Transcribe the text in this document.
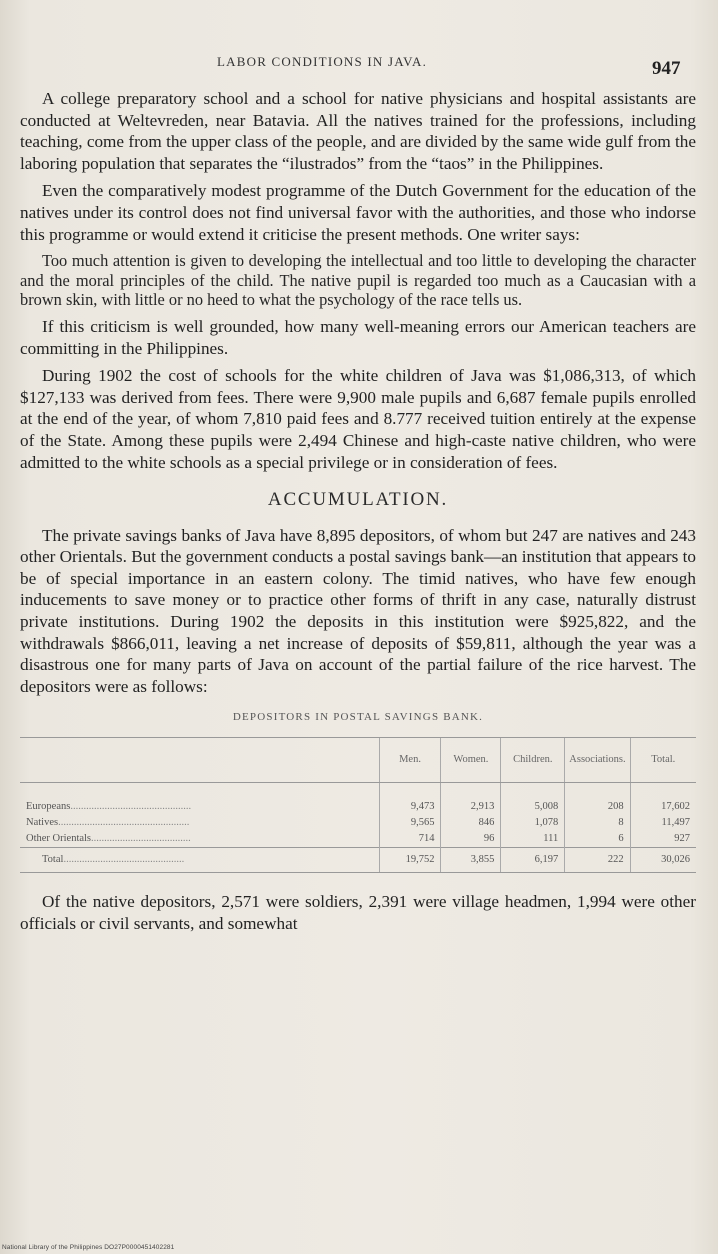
LABOR CONDITIONS IN JAVA.	947

A college preparatory school and a school for native physicians and hospital assistants are conducted at Weltevreden, near Batavia. All the natives trained for the professions, including teaching, come from the upper class of the people, and are divided by the same wide gulf from the laboring population that separates the “ilustrados” from the “taos” in the Philippines.

Even the comparatively modest programme of the Dutch Government for the education of the natives under its control does not find universal favor with the authorities, and those who indorse this programme or would extend it criticise the present methods. One writer says:

Too much attention is given to developing the intellectual and too little to developing the character and the moral principles of the child. The native pupil is regarded too much as a Caucasian with a brown skin, with little or no heed to what the psychology of the race tells us.

If this criticism is well grounded, how many well-meaning errors our American teachers are committing in the Philippines.

During 1902 the cost of schools for the white children of Java was $1,086,313, of which $127,133 was derived from fees. There were 9,900 male pupils and 6,687 female pupils enrolled at the end of the year, of whom 7,810 paid fees and 8.777 received tuition entirely at the expense of the State. Among these pupils were 2,494 Chinese and high-caste native children, who were admitted to the white schools as a special privilege or in consideration of fees.

ACCUMULATION.

The private savings banks of Java have 8,895 depositors, of whom but 247 are natives and 243 other Orientals. But the government conducts a postal savings bank—an institution that appears to be of special importance in an eastern colony. The timid natives, who have few enough inducements to save money or to practice other forms of thrift in any case, naturally distrust private institutions. During 1902 the deposits in this institution were $925,822, and the withdrawals $866,011, leaving a net increase of deposits of $59,811, although the year was a disastrous one for many parts of Java on account of the partial failure of the rice harvest. The depositors were as follows:

DEPOSITORS IN POSTAL SAVINGS BANK.
	Men.	Women.	Children.	Associations.	Total.
Europeans..............................................	9,473	2,913	5,008	208	17,602
Natives..................................................	9,565	846	1,078	8	11,497
Other Orientals......................................	714	96	111	6	927
Total..............................................	19,752	3,855	6,197	222	30,026

Of the native depositors, 2,571 were soldiers, 2,391 were village headmen, 1,994 were other officials or civil servants, and somewhat

National Library of the Philippines DO27P0000451402281
